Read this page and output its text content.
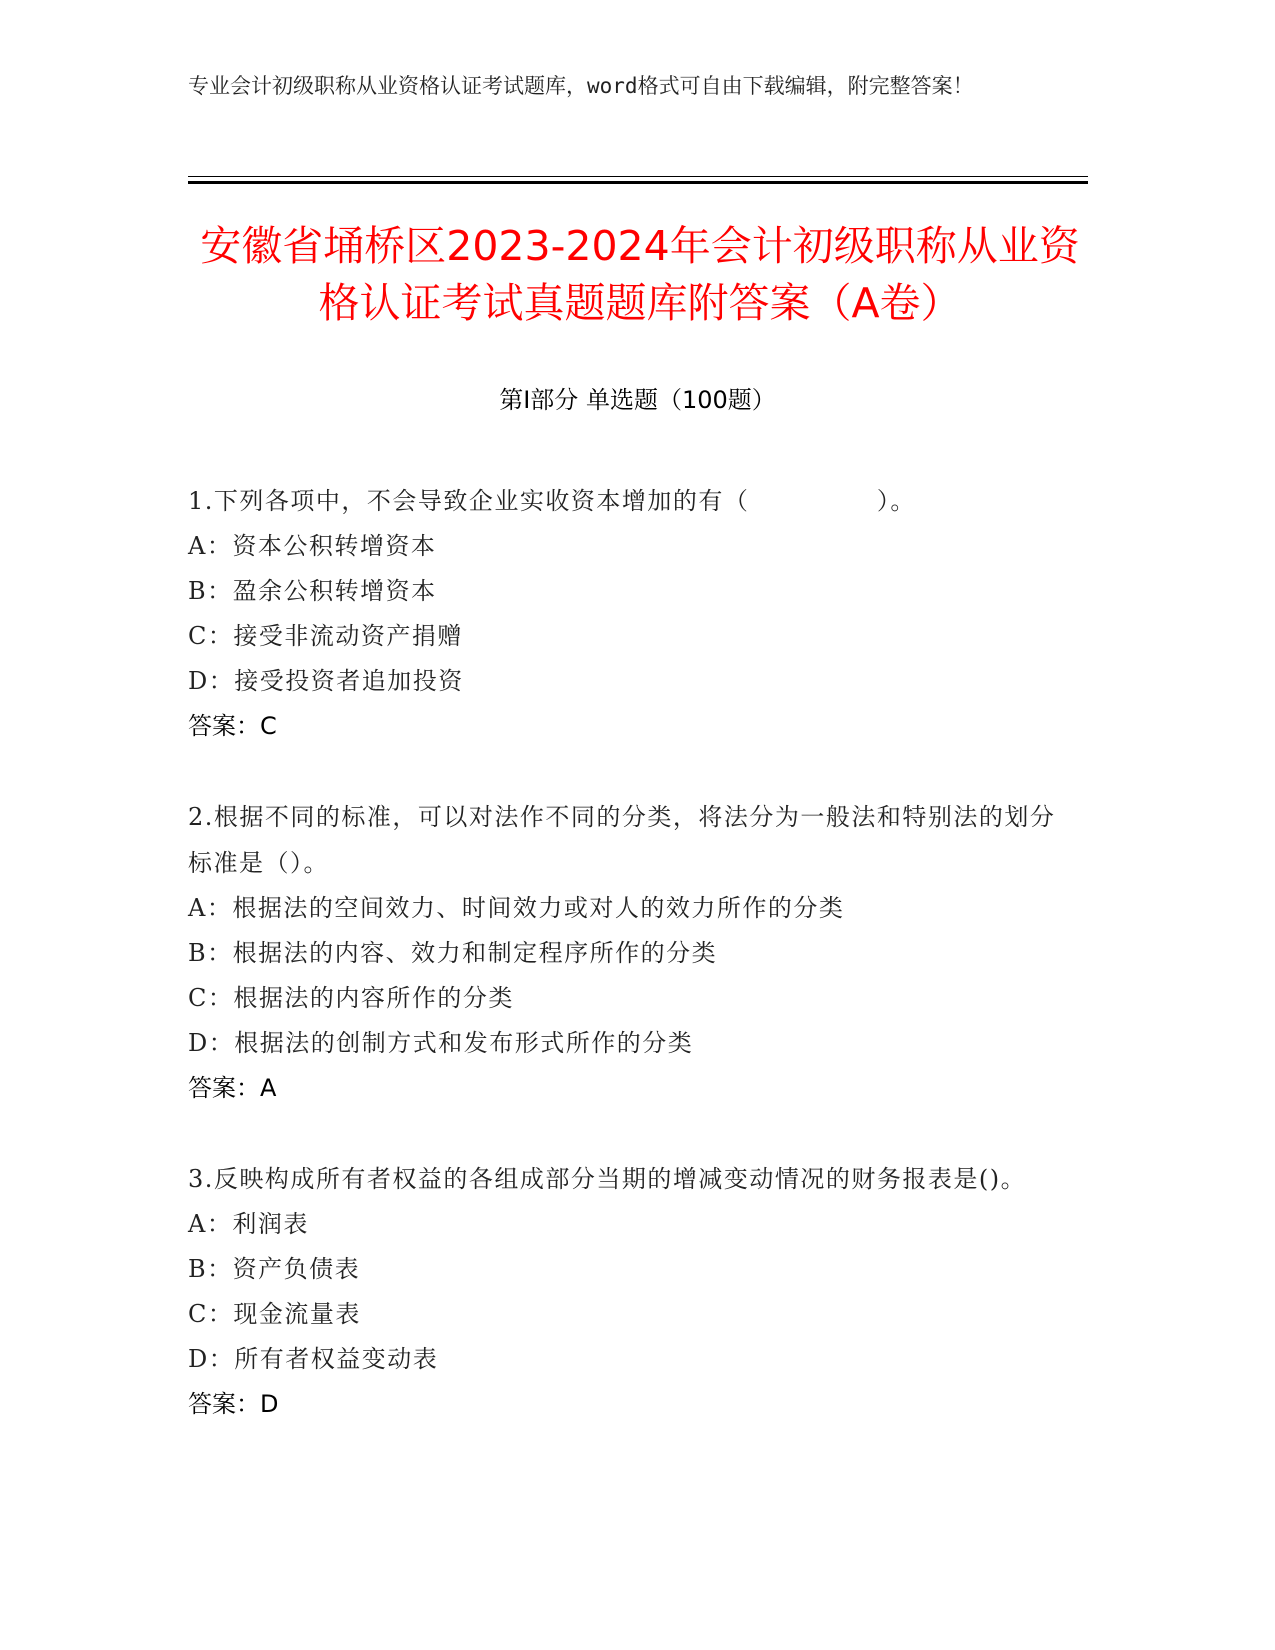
专业会计初级职称从业资格认证考试题库，word格式可自由下载编辑，附完整答案！
安徽省埇桥区2023-2024年会计初级职称从业资格认证考试真题题库附答案（A卷）
第I部分 单选题（100题）
1.下列各项中，不会导致企业实收资本增加的有（　　　　　）。
A：资本公积转增资本
B：盈余公积转增资本
C：接受非流动资产捐赠
D：接受投资者追加投资
答案：C
2.根据不同的标准，可以对法作不同的分类，将法分为一般法和特别法的划分标准是（）。
A：根据法的空间效力、时间效力或对人的效力所作的分类
B：根据法的内容、效力和制定程序所作的分类
C：根据法的内容所作的分类
D：根据法的创制方式和发布形式所作的分类
答案：A
3.反映构成所有者权益的各组成部分当期的增减变动情况的财务报表是()。
A：利润表
B：资产负债表
C：现金流量表
D：所有者权益变动表
答案：D
